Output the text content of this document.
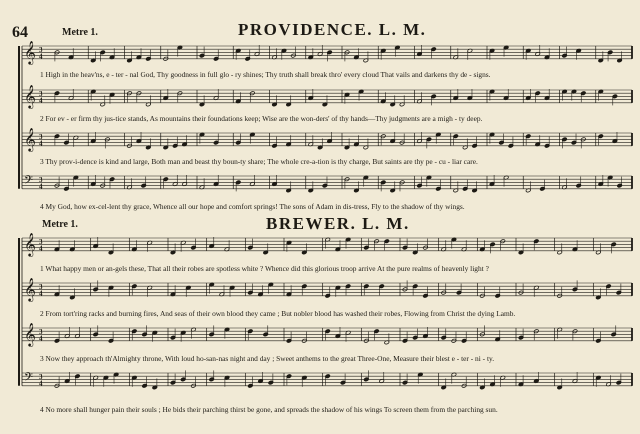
64	Metre 1.	PROVIDENCE. L. M.
1 High in the heav'ns, e - ter - nal God, Thy goodness in full glo - ry shines; Thy truth shall break thro' every cloud That vails and darkens thy de - signs.
2 For ev - er firm thy jus-tice stands, As mountains their foundations keep; Wise are the won-ders' of thy hands—Thy judgments are a migh - ty deep.
3 Thy prov-i-dence is kind and large, Both man and beast thy boun-ty share; The whole cre-a-tion is thy charge, But saints are thy pe - cu - liar care.
4 My God, how ex-cel-lent thy grace, Whence all our hope and comfort springs! The sons of Adam in dis-tress, Fly to the shadow of thy wings.
Metre 1.	BREWER. L. M.
1 What happy men or an-gels these, That all their robes are spotless white ? Whence did this glorious troop arrive At the pure realms of heavenly light ?
2 From tort'ring racks and burning fires, And seas of their own blood they came ; But nobler blood has washed their robes, Flowing from Christ the dying Lamb.
3 Now they approach th'Almighty throne, With loud ho-san-nas night and day ; Sweet anthems to the great Three-One, Measure their blest e - ter - ni - ty.
4 No more shall hunger pain their souls ; He bids their parching thirst be gone, and spreads the shadow of his wings To screen them from the parching sun.
𝄞 3
4
𝄞 3
4
𝄞 3
4
𝄢 3
4
𝄞 3
4
𝄞 3
4
𝄞 3
4
𝄢 3
4
